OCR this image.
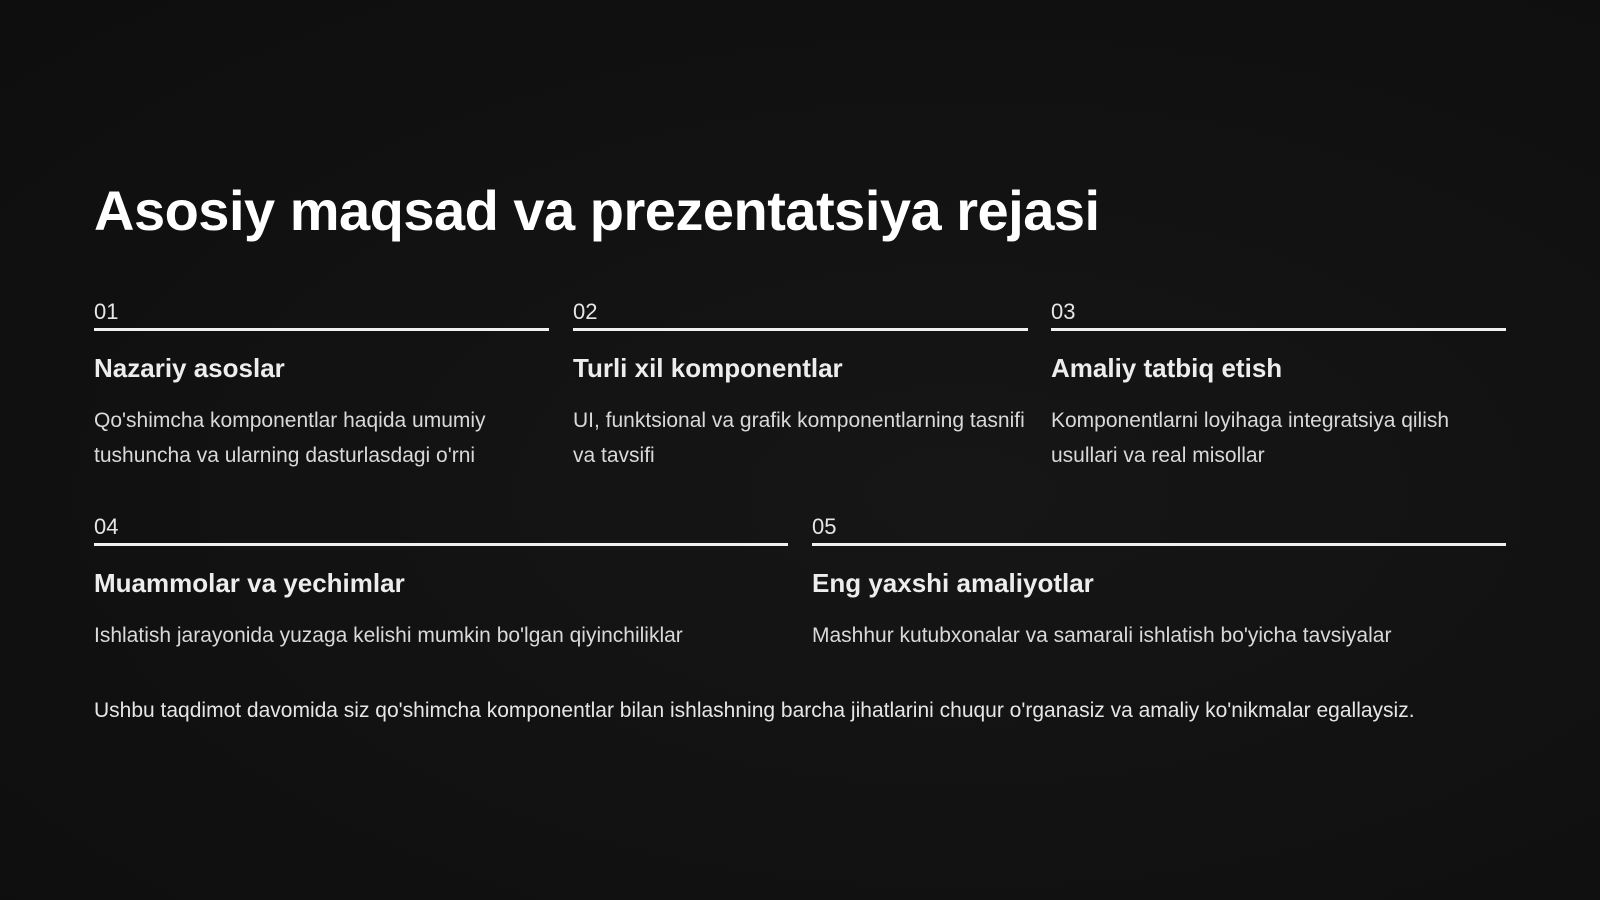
Asosiy maqsad va prezentatsiya rejasi
01
Nazariy asoslar
Qo'shimcha komponentlar haqida umumiy tushuncha va ularning dasturlasdagi o'rni
02
Turli xil komponentlar
UI, funktsional va grafik komponentlarning tasnifi va tavsifi
03
Amaliy tatbiq etish
Komponentlarni loyihaga integratsiya qilish usullari va real misollar
04
Muammolar va yechimlar
Ishlatish jarayonida yuzaga kelishi mumkin bo'lgan qiyinchiliklar
05
Eng yaxshi amaliyotlar
Mashhur kutubxonalar va samarali ishlatish bo'yicha tavsiyalar

Ushbu taqdimot davomida siz qo'shimcha komponentlar bilan ishlashning barcha jihatlarini chuqur o'rganasiz va amaliy ko'nikmalar egallaysiz.
